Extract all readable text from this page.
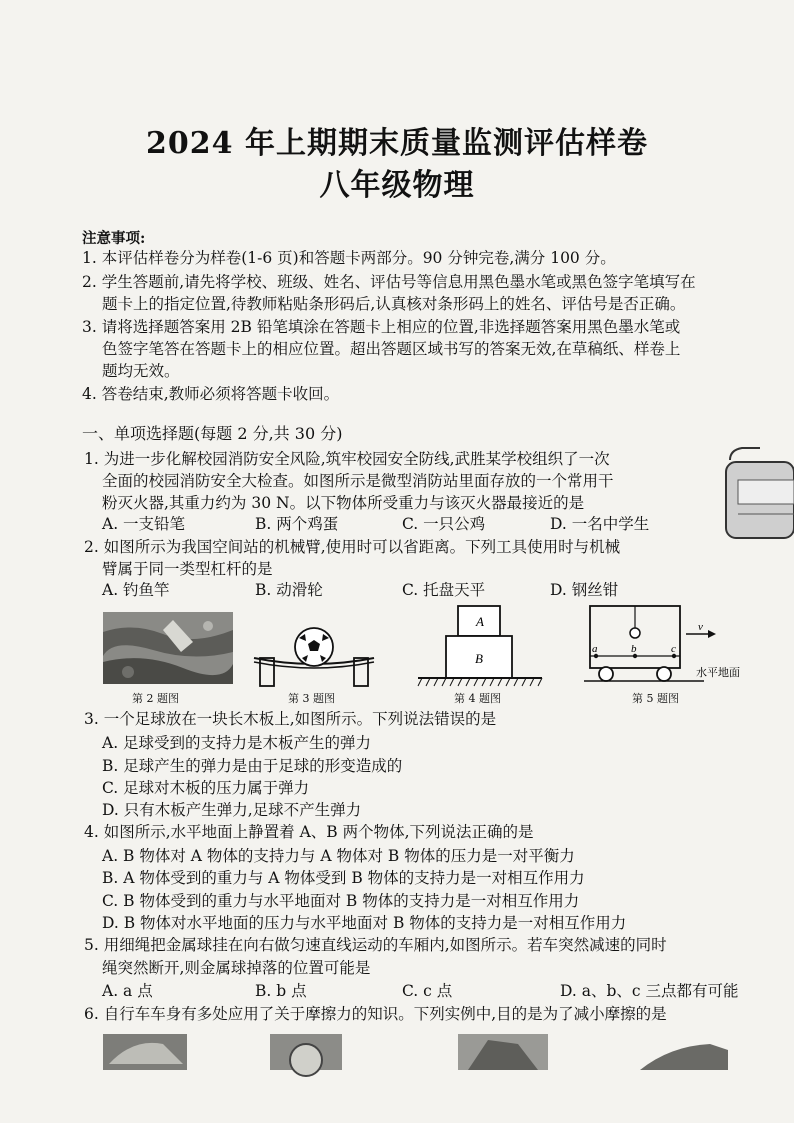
2024 年上期期末质量监测评估样卷
八年级物理
注意事项:
1. 本评估样卷分为样卷(1-6 页)和答题卡两部分。90 分钟完卷,满分 100 分。
2. 学生答题前,请先将学校、班级、姓名、评估号等信息用黑色墨水笔或黑色签字笔填写在
题卡上的指定位置,待教师粘贴条形码后,认真核对条形码上的姓名、评估号是否正确。
3. 请将选择题答案用 2B 铅笔填涂在答题卡上相应的位置,非选择题答案用黑色墨水笔或
色签字笔答在答题卡上的相应位置。超出答题区域书写的答案无效,在草稿纸、样卷上
题均无效。
4. 答卷结束,教师必须将答题卡收回。
一、单项选择题(每题 2 分,共 30 分)
1. 为进一步化解校园消防安全风险,筑牢校园安全防线,武胜某学校组织了一次
全面的校园消防安全大检查。如图所示是微型消防站里面存放的一个常用干
粉灭火器,其重力约为 30 N。以下物体所受重力与该灭火器最接近的是
A. 一支铅笔	B. 两个鸡蛋	C. 一只公鸡	D. 一名中学生
2. 如图所示为我国空间站的机械臂,使用时可以省距离。下列工具使用时与机械
臂属于同一类型杠杆的是
A. 钓鱼竿	B. 动滑轮	C. 托盘天平	D. 钢丝钳
第 2 题图	第 3 题图
A
B
第 4 题图
v
a	b	c
水平地面
第 5 题图
3. 一个足球放在一块长木板上,如图所示。下列说法错误的是
A. 足球受到的支持力是木板产生的弹力
B. 足球产生的弹力是由于足球的形变造成的
C. 足球对木板的压力属于弹力
D. 只有木板产生弹力,足球不产生弹力
4. 如图所示,水平地面上静置着 A、B 两个物体,下列说法正确的是
A. B 物体对 A 物体的支持力与 A 物体对 B 物体的压力是一对平衡力
B. A 物体受到的重力与 A 物体受到 B 物体的支持力是一对相互作用力
C. B 物体受到的重力与水平地面对 B 物体的支持力是一对相互作用力
D. B 物体对水平地面的压力与水平地面对 B 物体的支持力是一对相互作用力
5. 用细绳把金属球挂在向右做匀速直线运动的车厢内,如图所示。若车突然减速的同时
绳突然断开,则金属球掉落的位置可能是
A. a 点	B. b 点	C. c 点	D. a、b、c 三点都有可能
6. 自行车车身有多处应用了关于摩擦力的知识。下列实例中,目的是为了减小摩擦的是
